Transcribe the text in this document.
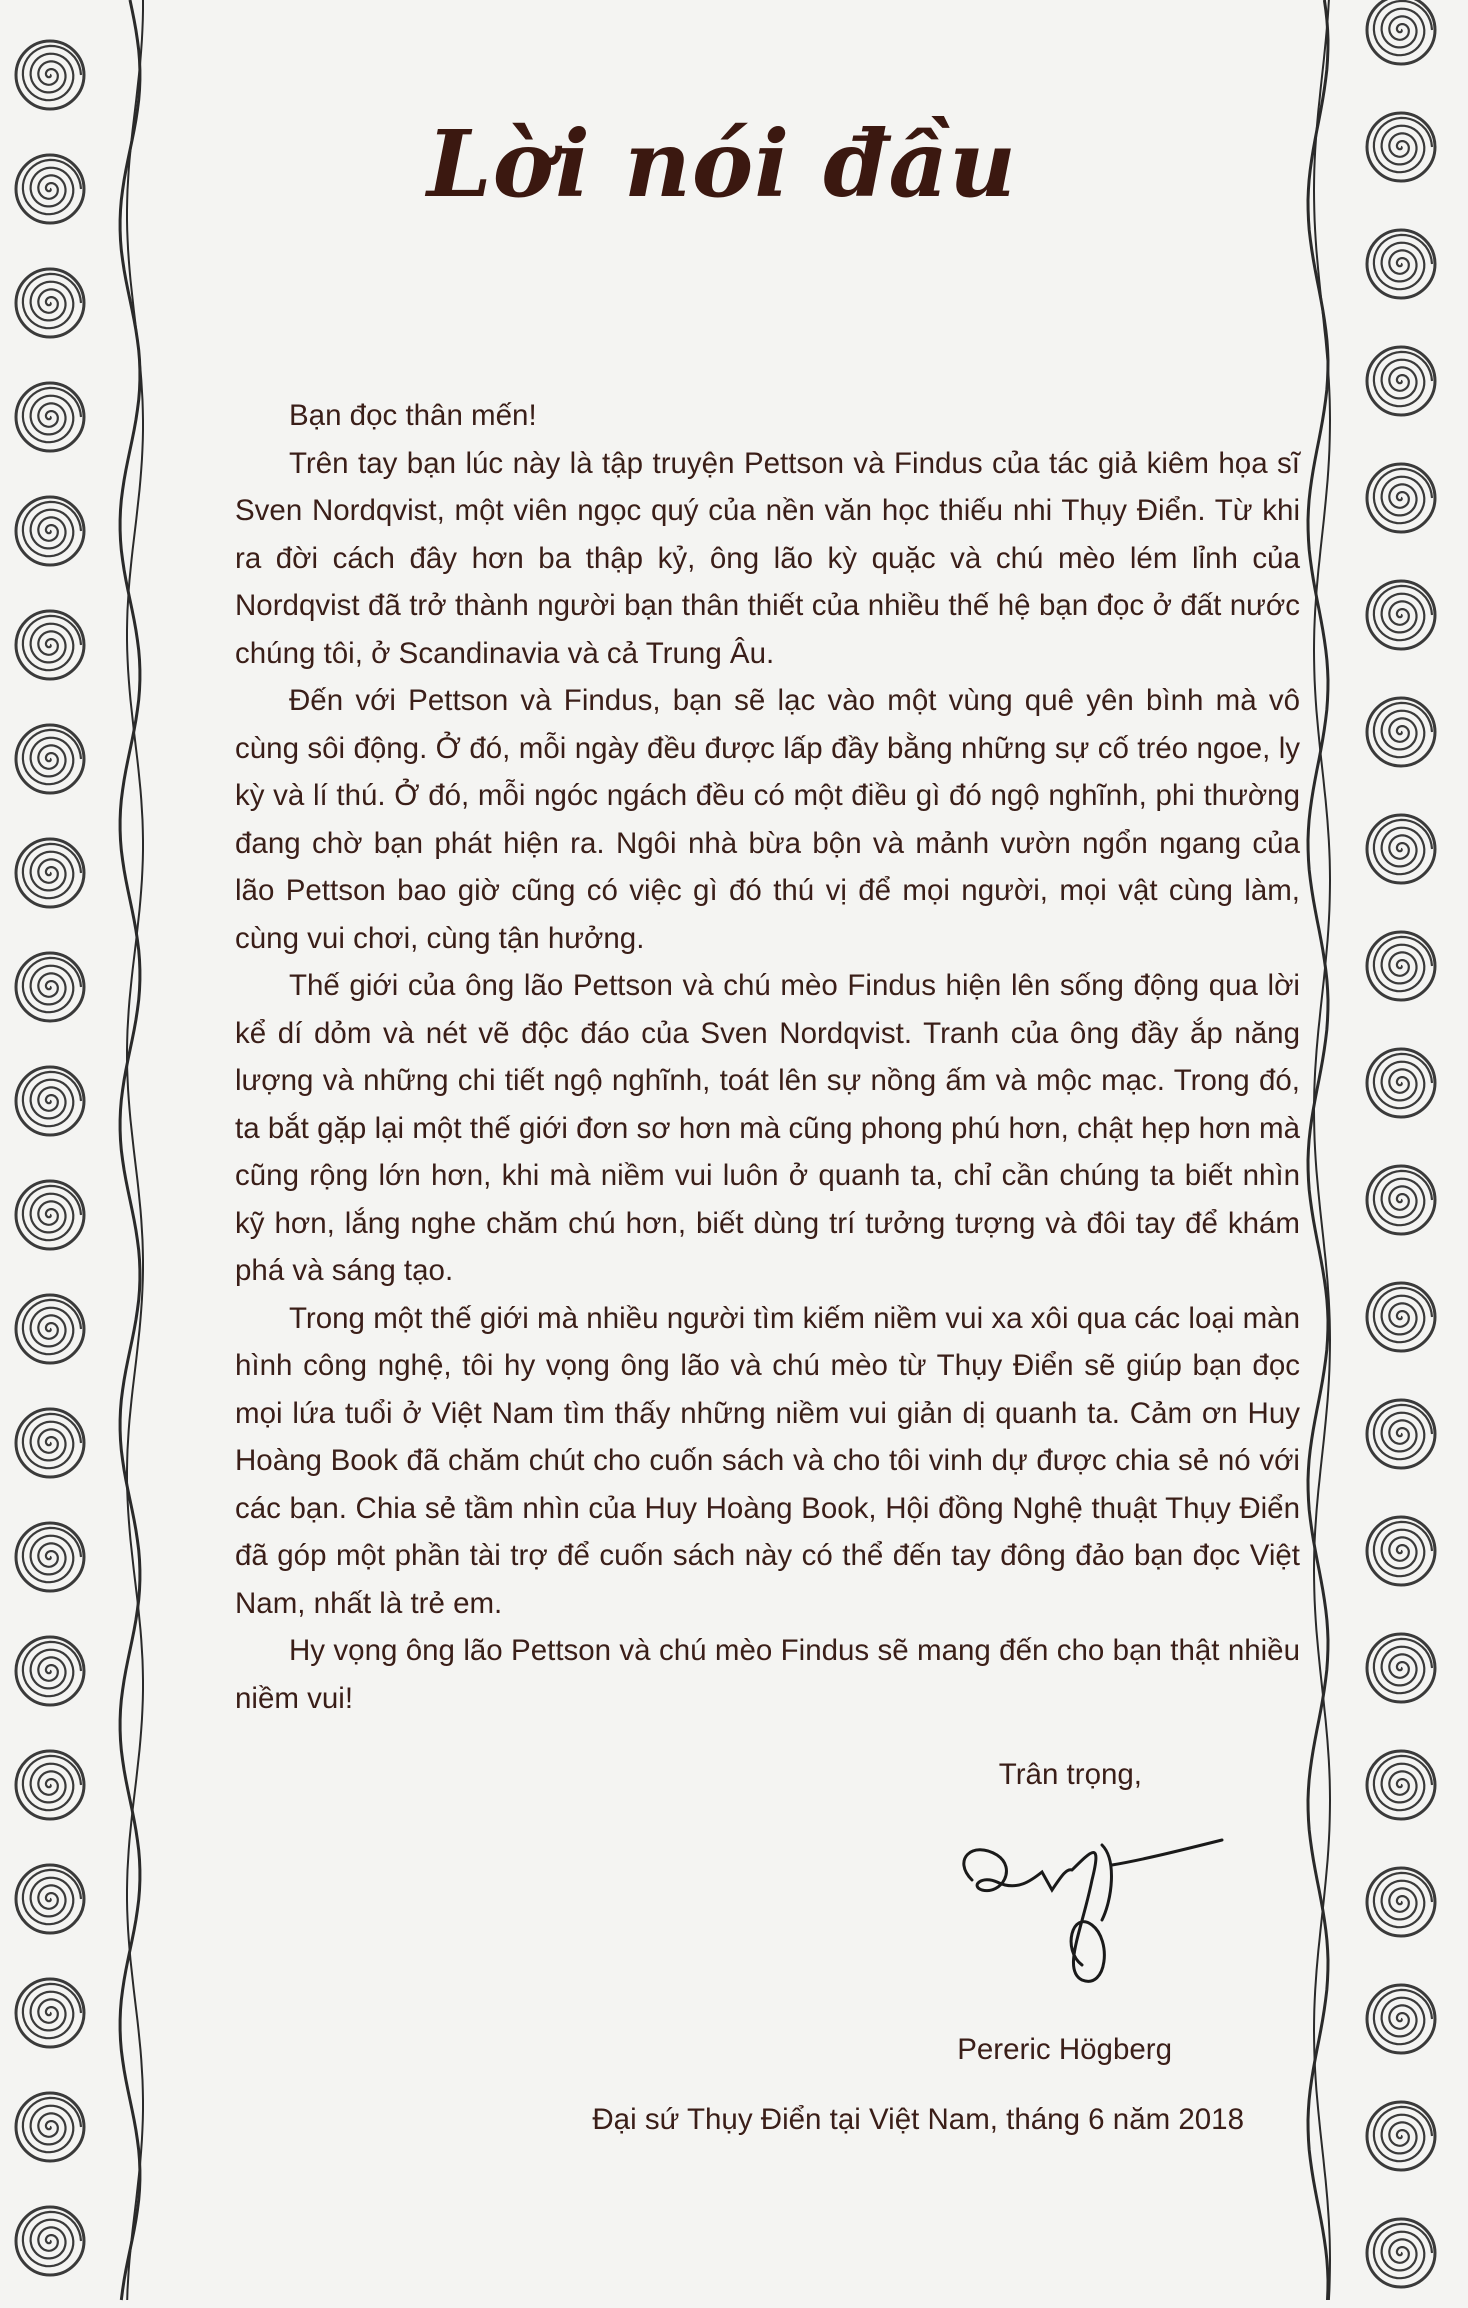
Lời nói đầu

Bạn đọc thân mến!

Trên tay bạn lúc này là tập truyện Pettson và Findus của tác giả kiêm họa sĩ Sven Nordqvist, một viên ngọc quý của nền văn học thiếu nhi Thụy Điển. Từ khi ra đời cách đây hơn ba thập kỷ, ông lão kỳ quặc và chú mèo lém lỉnh của Nordqvist đã trở thành người bạn thân thiết của nhiều thế hệ bạn đọc ở đất nước chúng tôi, ở Scandinavia và cả Trung Âu.

Đến với Pettson và Findus, bạn sẽ lạc vào một vùng quê yên bình mà vô cùng sôi động. Ở đó, mỗi ngày đều được lấp đầy bằng những sự cố tréo ngoe, ly kỳ và lí thú. Ở đó, mỗi ngóc ngách đều có một điều gì đó ngộ nghĩnh, phi thường đang chờ bạn phát hiện ra. Ngôi nhà bừa bộn và mảnh vườn ngổn ngang của lão Pettson bao giờ cũng có việc gì đó thú vị để mọi người, mọi vật cùng làm, cùng vui chơi, cùng tận hưởng.

Thế giới của ông lão Pettson và chú mèo Findus hiện lên sống động qua lời kể dí dỏm và nét vẽ độc đáo của Sven Nordqvist. Tranh của ông đầy ắp năng lượng và những chi tiết ngộ nghĩnh, toát lên sự nồng ấm và mộc mạc. Trong đó, ta bắt gặp lại một thế giới đơn sơ hơn mà cũng phong phú hơn, chật hẹp hơn mà cũng rộng lớn hơn, khi mà niềm vui luôn ở quanh ta, chỉ cần chúng ta biết nhìn kỹ hơn, lắng nghe chăm chú hơn, biết dùng trí tưởng tượng và đôi tay để khám phá và sáng tạo.

Trong một thế giới mà nhiều người tìm kiếm niềm vui xa xôi qua các loại màn hình công nghệ, tôi hy vọng ông lão và chú mèo từ Thụy Điển sẽ giúp bạn đọc mọi lứa tuổi ở Việt Nam tìm thấy những niềm vui giản dị quanh ta. Cảm ơn Huy Hoàng Book đã chăm chút cho cuốn sách và cho tôi vinh dự được chia sẻ nó với các bạn. Chia sẻ tầm nhìn của Huy Hoàng Book, Hội đồng Nghệ thuật Thụy Điển đã góp một phần tài trợ để cuốn sách này có thể đến tay đông đảo bạn đọc Việt Nam, nhất là trẻ em.

Hy vọng ông lão Pettson và chú mèo Findus sẽ mang đến cho bạn thật nhiều niềm vui!

Trân trọng,
Pereric Högberg
Đại sứ Thụy Điển tại Việt Nam, tháng 6 năm 2018
